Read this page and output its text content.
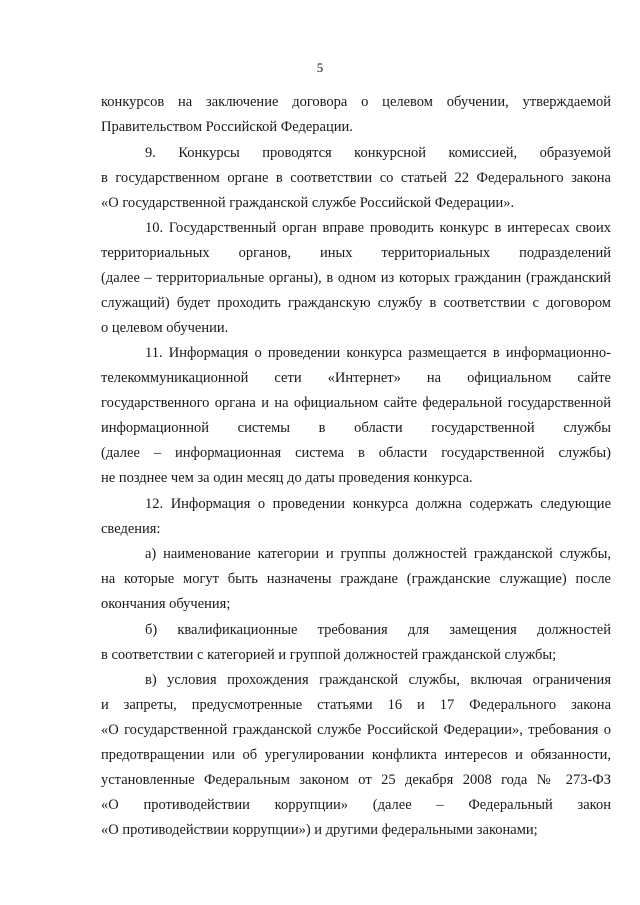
5
конкурсов на заключение договора о целевом обучении, утверждаемой
Правительством Российской Федерации.
9. Конкурсы проводятся конкурсной комиссией, образуемой
в государственном органе в соответствии со статьей 22 Федерального закона
«О государственной гражданской службе Российской Федерации».
10. Государственный орган вправе проводить конкурс в интересах своих
территориальных органов, иных территориальных подразделений
(далее – территориальные органы), в одном из которых гражданин (гражданский
служащий) будет проходить гражданскую службу в соответствии с договором
о целевом обучении.
11. Информация о проведении конкурса размещается в информационно-
телекоммуникационной сети «Интернет» на официальном сайте
государственного органа и на официальном сайте федеральной государственной
информационной системы в области государственной службы
(далее – информационная система в области государственной службы)
не позднее чем за один месяц до даты проведения конкурса.
12. Информация о проведении конкурса должна содержать следующие
сведения:
а) наименование категории и группы должностей гражданской службы,
на которые могут быть назначены граждане (гражданские служащие) после
окончания обучения;
б) квалификационные требования для замещения должностей
в соответствии с категорией и группой должностей гражданской службы;
в) условия прохождения гражданской службы, включая ограничения
и запреты, предусмотренные статьями 16 и 17 Федерального закона
«О государственной гражданской службе Российской Федерации», требования о
предотвращении или об урегулировании конфликта интересов и обязанности,
установленные Федеральным законом от 25 декабря 2008 года № 273-ФЗ
«О противодействии коррупции» (далее – Федеральный закон
«О противодействии коррупции») и другими федеральными законами;
